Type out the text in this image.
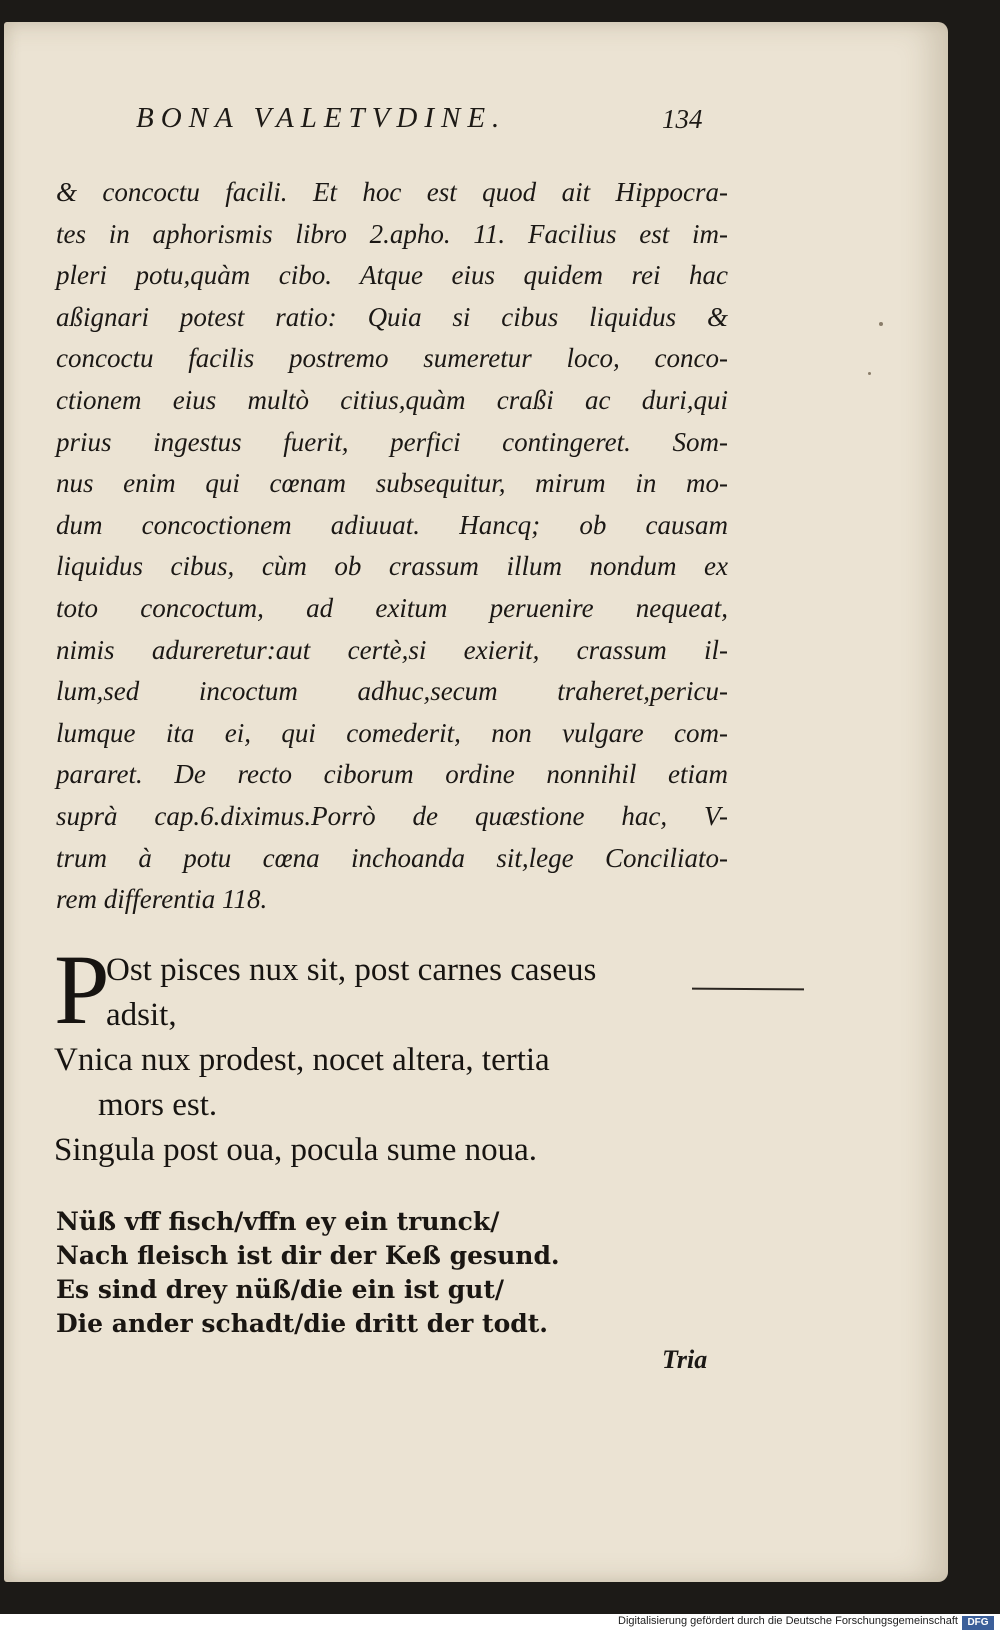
BONA VALETVDINE.	134
& concoctu facili. Et hoc est quod ait Hippocra-
tes in aphorismis libro 2.apho. 11. Facilius est im-
pleri potu,quàm cibo. Atque eius quidem rei hac
aßignari potest ratio: Quia si cibus liquidus &
concoctu facilis postremo sumeretur loco, conco-
ctionem eius multò citius,quàm craßi ac duri,qui
prius ingestus fuerit, perfici contingeret. Som-
nus enim qui cœnam subsequitur, mirum in mo-
dum concoctionem adiuuat. Hancq; ob causam
liquidus cibus, cùm ob crassum illum nondum ex
toto concoctum, ad exitum peruenire nequeat,
nimis adureretur:aut certè,si exierit, crassum il-
lum,sed incoctum adhuc,secum traheret,pericu-
lumque ita ei, qui comederit, non vulgare com-
pararet. De recto ciborum ordine nonnihil etiam
suprà cap.6.diximus.Porrò de quæstione hac, V-
trum à potu cœna inchoanda sit,lege Conciliato-
rem differentia 118.
P
Ost pisces nux sit, post carnes caseus
adsit,
Vnica nux prodest, nocet altera, tertia
mors est.
Singula post oua, pocula sume noua.
Nüß vff fisch/vffn ey ein trunck/
Nach fleisch ist dir der Keß gesund.
Es sind drey nüß/die ein ist gut/
Die ander schadt/die dritt der todt.
Tria
Digitalisierung gefördert durch die Deutsche Forschungsgemeinschaft DFG
